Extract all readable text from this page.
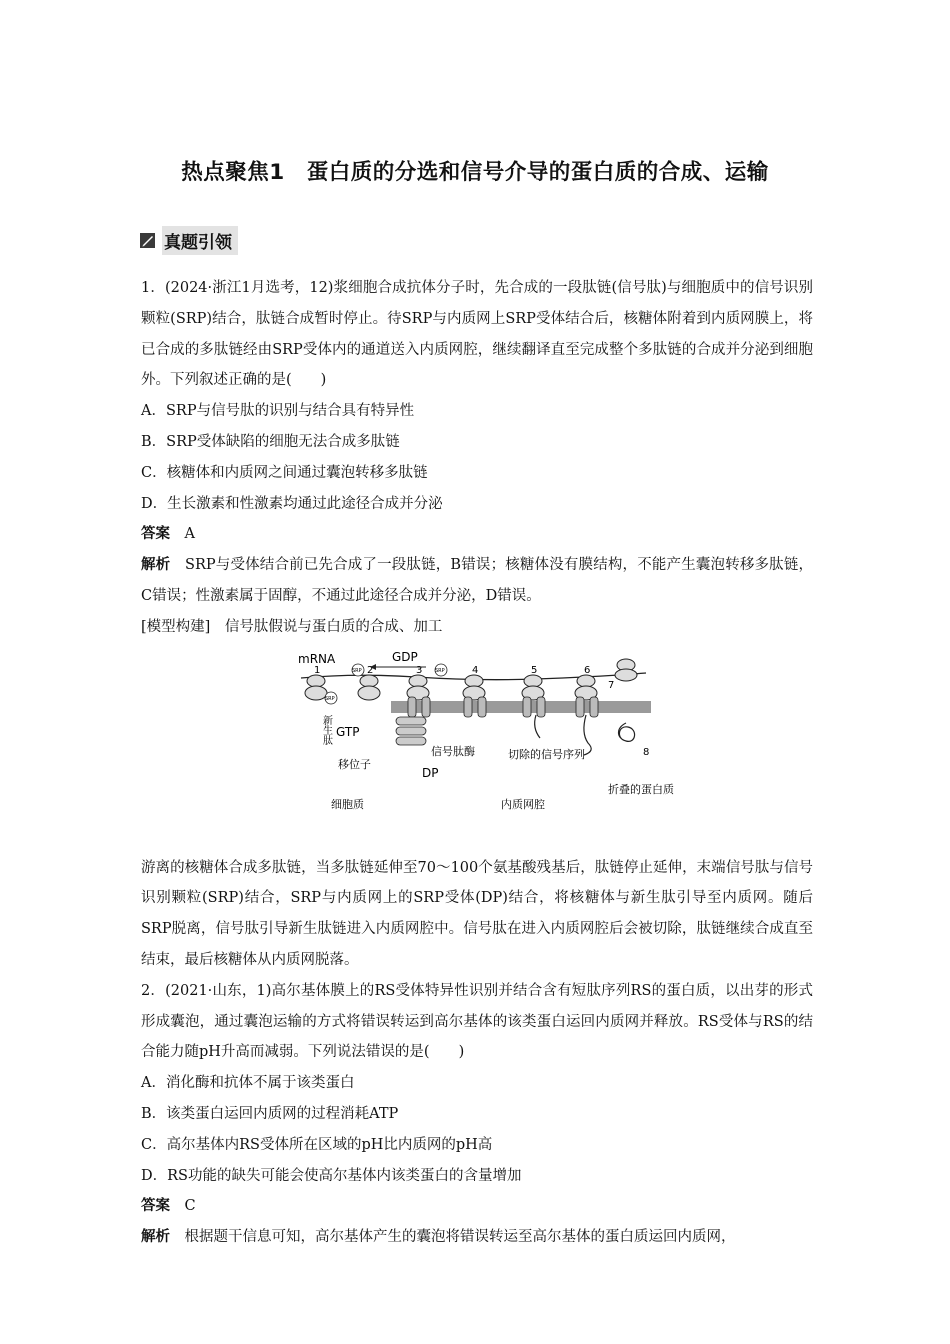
热点聚焦1　蛋白质的分选和信号介导的蛋白质的合成、运输
真题引领

1．(2024·浙江1月选考，12)浆细胞合成抗体分子时，先合成的一段肽链(信号肽)与细胞质中的信号识别颗粒(SRP)结合，肽链合成暂时停止。待SRP与内质网上SRP受体结合后，核糖体附着到内质网膜上，将已合成的多肽链经由SRP受体内的通道送入内质网腔，继续翻译直至完成整个多肽链的合成并分泌到细胞外。下列叙述正确的是(　　)

A．SRP与信号肽的识别与结合具有特异性

B．SRP受体缺陷的细胞无法合成多肽链

C．核糖体和内质网之间通过囊泡转移多肽链

D．生长激素和性激素均通过此途径合成并分泌

答案　 A

解析　 SRP与受体结合前已先合成了一段肽链，B错误；核糖体没有膜结构，不能产生囊泡转移多肽链，C错误；性激素属于固醇，不通过此途径合成并分泌，D错误。

[模型构建]　 信号肽假说与蛋白质的合成、加工

mRNA	GDP
GTP
SRP
SRP
SRP
DP
1	2	3	4	5	6
7
8
新生肽
信号肽酶
移位子
切除的信号序列
细胞质	内质网腔
折叠的蛋白质

游离的核糖体合成多肽链，当多肽链延伸至70～100个氨基酸残基后，肽链停止延伸，末端信号肽与信号识别颗粒(SRP)结合，SRP与内质网上的SRP受体(DP)结合，将核糖体与新生肽引导至内质网。随后SRP脱离，信号肽引导新生肽链进入内质网腔中。信号肽在进入内质网腔后会被切除，肽链继续合成直至结束，最后核糖体从内质网脱落。

2．(2021·山东，1)高尔基体膜上的RS受体特异性识别并结合含有短肽序列RS的蛋白质，以出芽的形式形成囊泡，通过囊泡运输的方式将错误转运到高尔基体的该类蛋白运回内质网并释放。RS受体与RS的结合能力随pH升高而减弱。下列说法错误的是(　　)

A．消化酶和抗体不属于该类蛋白

B．该类蛋白运回内质网的过程消耗ATP

C．高尔基体内RS受体所在区域的pH比内质网的pH高

D．RS功能的缺失可能会使高尔基体内该类蛋白的含量增加

答案　 C

解析　 根据题干信息可知，高尔基体产生的囊泡将错误转运至高尔基体的蛋白质运回内质网，
